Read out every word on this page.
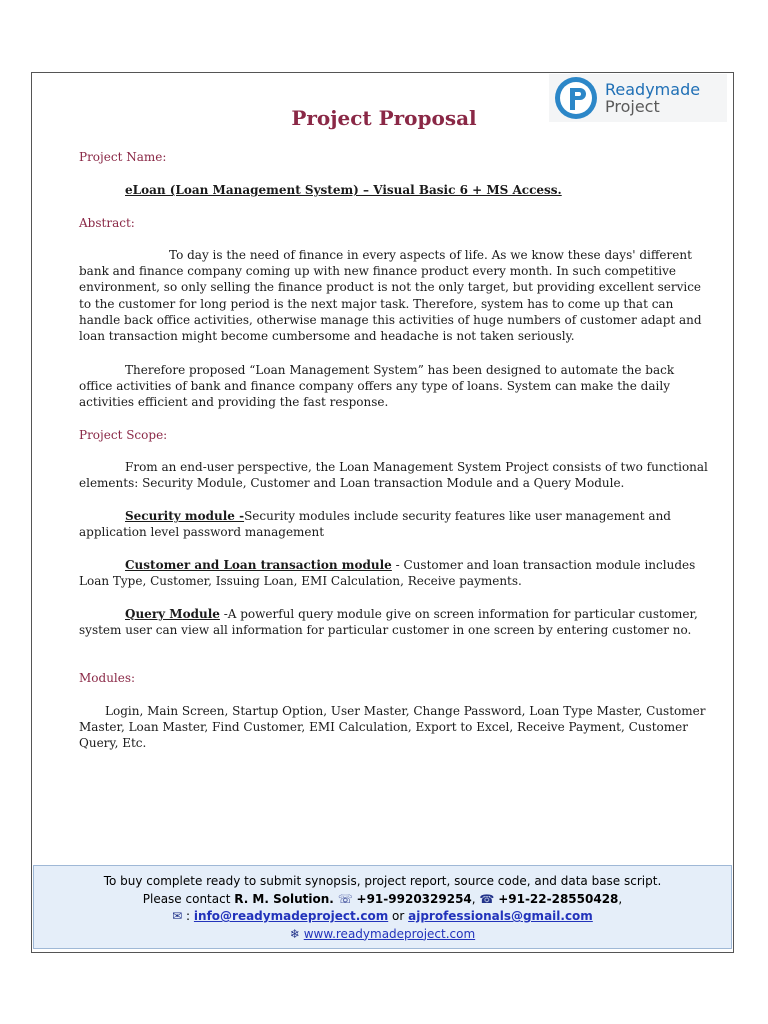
Readymade
Project
Project Proposal
Project Name:
eLoan (Loan Management System) – Visual Basic 6 + MS Access.
Abstract:
To day is the need of finance in every aspects of life. As we know these days' different bank and finance company coming up with new finance product every month. In such competitive environment, so only selling the finance product is not the only target, but providing excellent service to the customer for long period is the next major task. Therefore, system has to come up that can handle back office activities, otherwise manage this activities of huge numbers of customer adapt and loan transaction might become cumbersome and headache is not taken seriously.
Therefore proposed “Loan Management System” has been designed to automate the back office activities of bank and finance company offers any type of loans. System can make the daily activities efficient and providing the fast response.
Project Scope:
From an end-user perspective, the Loan Management System Project consists of two functional elements: Security Module, Customer and Loan transaction Module and a Query Module.
Security module -Security modules include security features like user management and application level password management
Customer and Loan transaction module - Customer and loan transaction module includes Loan Type, Customer, Issuing Loan, EMI Calculation, Receive payments.
Query Module -A powerful query module give on screen information for particular customer, system user can view all information for particular customer in one screen by entering customer no.
Modules:
Login, Main Screen, Startup Option, User Master, Change Password, Loan Type Master, Customer Master, Loan Master, Find Customer, EMI Calculation, Export to Excel, Receive Payment, Customer Query, Etc.
To buy complete ready to submit synopsis, project report, source code, and data base script.
Please contact R. M. Solution. ☏ +91-9920329254, ☎ +91-22-28550428,
✉ : info@readymadeproject.com or ajprofessionals@gmail.com
❄ www.readymadeproject.com
